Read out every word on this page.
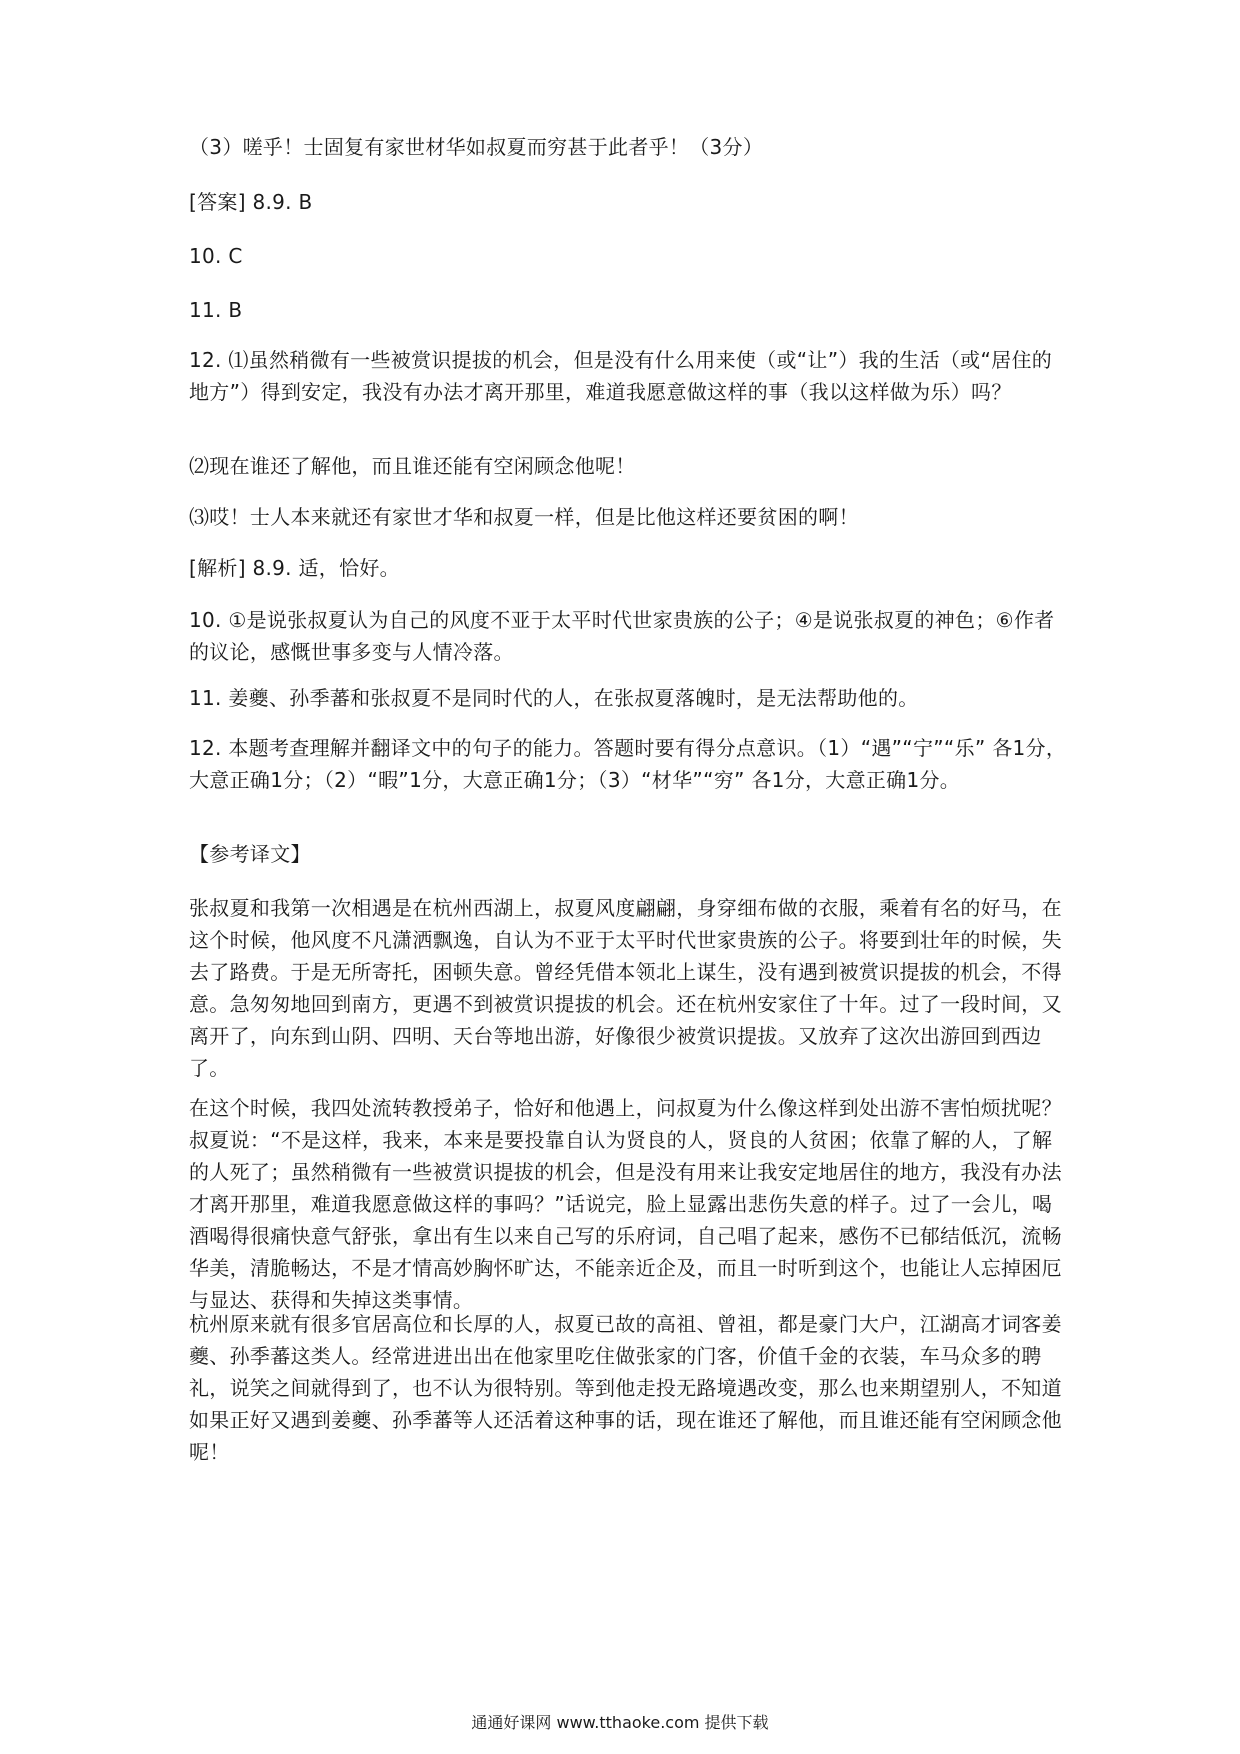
（3）嗟乎！士固复有家世材华如叔夏而穷甚于此者乎！（3分）

[答案] 8.9. B

10. C

11. B

12. ⑴虽然稍微有一些被赏识提拔的机会，但是没有什么用来使（或“让”）我的生活（或“居住的地方”）得到安定，我没有办法才离开那里，难道我愿意做这样的事（我以这样做为乐）吗？

⑵现在谁还了解他，而且谁还能有空闲顾念他呢！

⑶哎！士人本来就还有家世才华和叔夏一样，但是比他这样还要贫困的啊！

[解析] 8.9. 适，恰好。

10. ①是说张叔夏认为自己的风度不亚于太平时代世家贵族的公子；④是说张叔夏的神色；⑥作者的议论，感慨世事多变与人情冷落。

11. 姜夔、孙季蕃和张叔夏不是同时代的人，在张叔夏落魄时，是无法帮助他的。

12. 本题考查理解并翻译文中的句子的能力。答题时要有得分点意识。（1）“遇”“宁”“乐” 各1分，大意正确1分；（2）“暇”1分，大意正确1分；（3）“材华”“穷” 各1分，大意正确1分。

【参考译文】

张叔夏和我第一次相遇是在杭州西湖上，叔夏风度翩翩，身穿细布做的衣服，乘着有名的好马，在这个时候，他风度不凡潇洒飘逸，自认为不亚于太平时代世家贵族的公子。将要到壮年的时候，失去了路费。于是无所寄托，困顿失意。曾经凭借本领北上谋生，没有遇到被赏识提拔的机会，不得意。急匆匆地回到南方，更遇不到被赏识提拔的机会。还在杭州安家住了十年。过了一段时间，又离开了，向东到山阴、四明、天台等地出游，好像很少被赏识提拔。又放弃了这次出游回到西边了。

在这个时候，我四处流转教授弟子，恰好和他遇上，问叔夏为什么像这样到处出游不害怕烦扰呢？叔夏说：“不是这样，我来，本来是要投靠自认为贤良的人，贤良的人贫困；依靠了解的人，了解的人死了；虽然稍微有一些被赏识提拔的机会，但是没有用来让我安定地居住的地方，我没有办法才离开那里，难道我愿意做这样的事吗？”话说完，脸上显露出悲伤失意的样子。过了一会儿，喝酒喝得很痛快意气舒张，拿出有生以来自己写的乐府词，自己唱了起来，感伤不已郁结低沉，流畅华美，清脆畅达，不是才情高妙胸怀旷达，不能亲近企及，而且一时听到这个，也能让人忘掉困厄与显达、获得和失掉这类事情。

杭州原来就有很多官居高位和长厚的人，叔夏已故的高祖、曾祖，都是豪门大户，江湖高才词客姜夔、孙季蕃这类人。经常进进出出在他家里吃住做张家的门客，价值千金的衣装，车马众多的聘礼，说笑之间就得到了，也不认为很特别。等到他走投无路境遇改变，那么也来期望别人，不知道如果正好又遇到姜夔、孙季蕃等人还活着这种事的话，现在谁还了解他，而且谁还能有空闲顾念他呢！

通通好课网 www.tthaoke.com 提供下载
